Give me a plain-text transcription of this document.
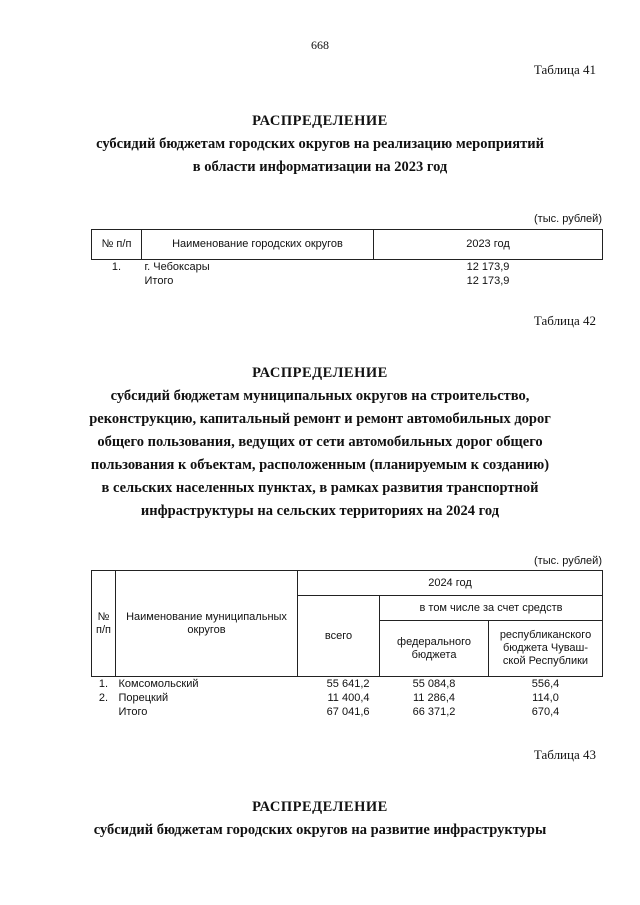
668
Таблица 41
РАСПРЕДЕЛЕНИЕ
субсидий бюджетам городских округов на реализацию мероприятий
в области информатизации на 2023 год
(тыс. рублей)
№ п/п	Наименование городских округов	2023 год
1.	г. Чебоксары	12 173,9
	Итого	12 173,9
Таблица 42
РАСПРЕДЕЛЕНИЕ
субсидий бюджетам муниципальных округов на строительство,
реконструкцию, капитальный ремонт и ремонт автомобильных дорог
общего пользования, ведущих от сети автомобильных дорог общего
пользования к объектам, расположенным (планируемым к созданию)
в сельских населенных пунктах, в рамках развития транспортной
инфраструктуры на сельских территориях на 2024 год
(тыс. рублей)
№ п/п	Наименование муниципальных округов	2024 год		
		всего	в том числе за счет средств	
			федерального бюджета	республиканского бюджета Чуваш-ской Республики
1.	Комсомольский	55 641,2	55 084,8	556,4
2.	Порецкий	11 400,4	11 286,4	114,0
	Итого	67 041,6	66 371,2	670,4
Таблица 43
РАСПРЕДЕЛЕНИЕ
субсидий бюджетам городских округов на развитие инфраструктуры
